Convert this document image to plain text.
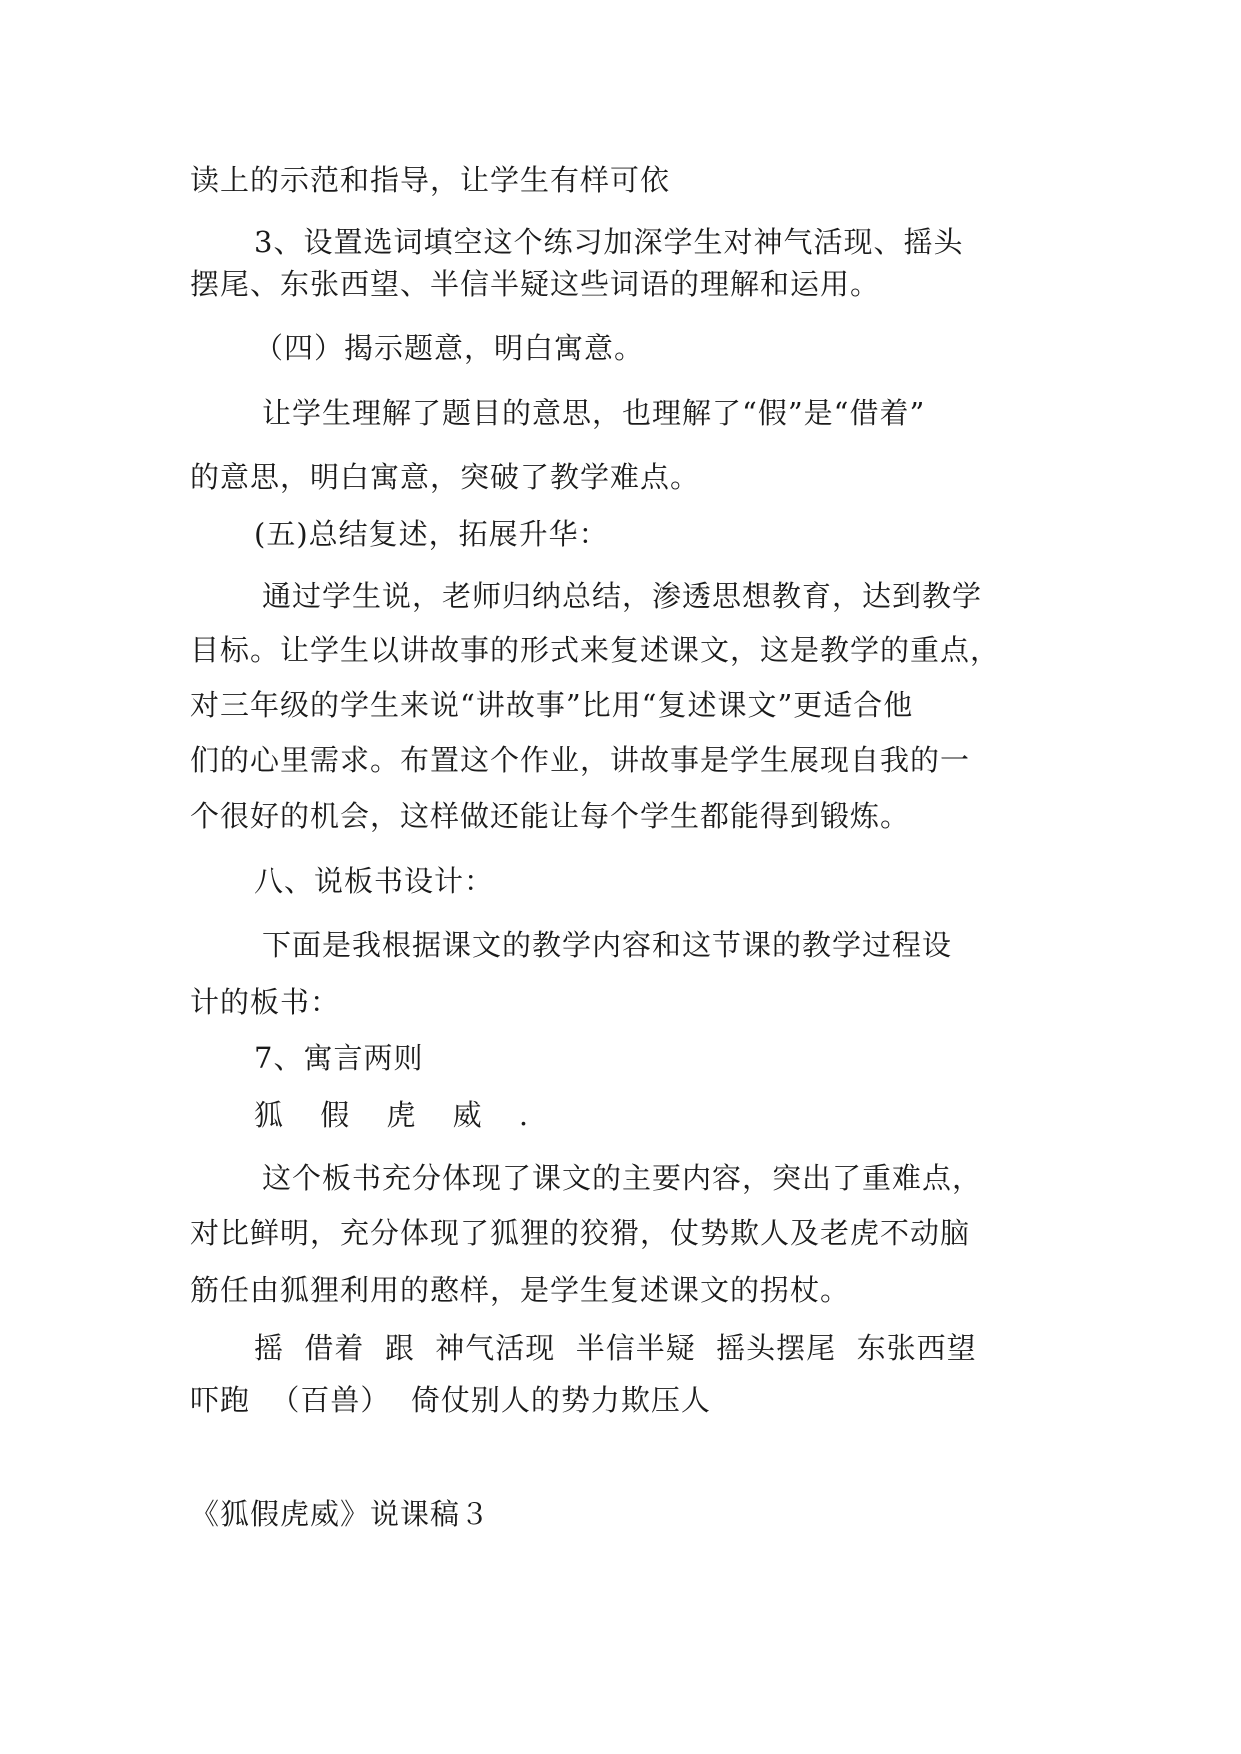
读上的示范和指导，让学生有样可依
3、设置选词填空这个练习加深学生对神气活现、摇头
摆尾、东张西望、半信半疑这些词语的理解和运用。
（四）揭示题意，明白寓意。
让学生理解了题目的意思，也理解了“假”是“借着”
的意思，明白寓意，突破了教学难点。
(五)总结复述，拓展升华：
通过学生说，老师归纳总结，渗透思想教育，达到教学
目标。让学生以讲故事的形式来复述课文，这是教学的重点，
对三年级的学生来说“讲故事”比用“复述课文”更适合他
们的心里需求。布置这个作业，讲故事是学生展现自我的一
个很好的机会，这样做还能让每个学生都能得到锻炼。
八、说板书设计：
下面是我根据课文的教学内容和这节课的教学过程设
计的板书：
7、寓言两则
狐 假 虎 威 .
这个板书充分体现了课文的主要内容，突出了重难点，
对比鲜明，充分体现了狐狸的狡猾，仗势欺人及老虎不动脑
筋任由狐狸利用的憨样，是学生复述课文的拐杖。
摇  借着  跟  神气活现  半信半疑  摇头摆尾  东张西望
吓跑  （百兽）  倚仗别人的势力欺压人
《狐假虎威》说课稿３
